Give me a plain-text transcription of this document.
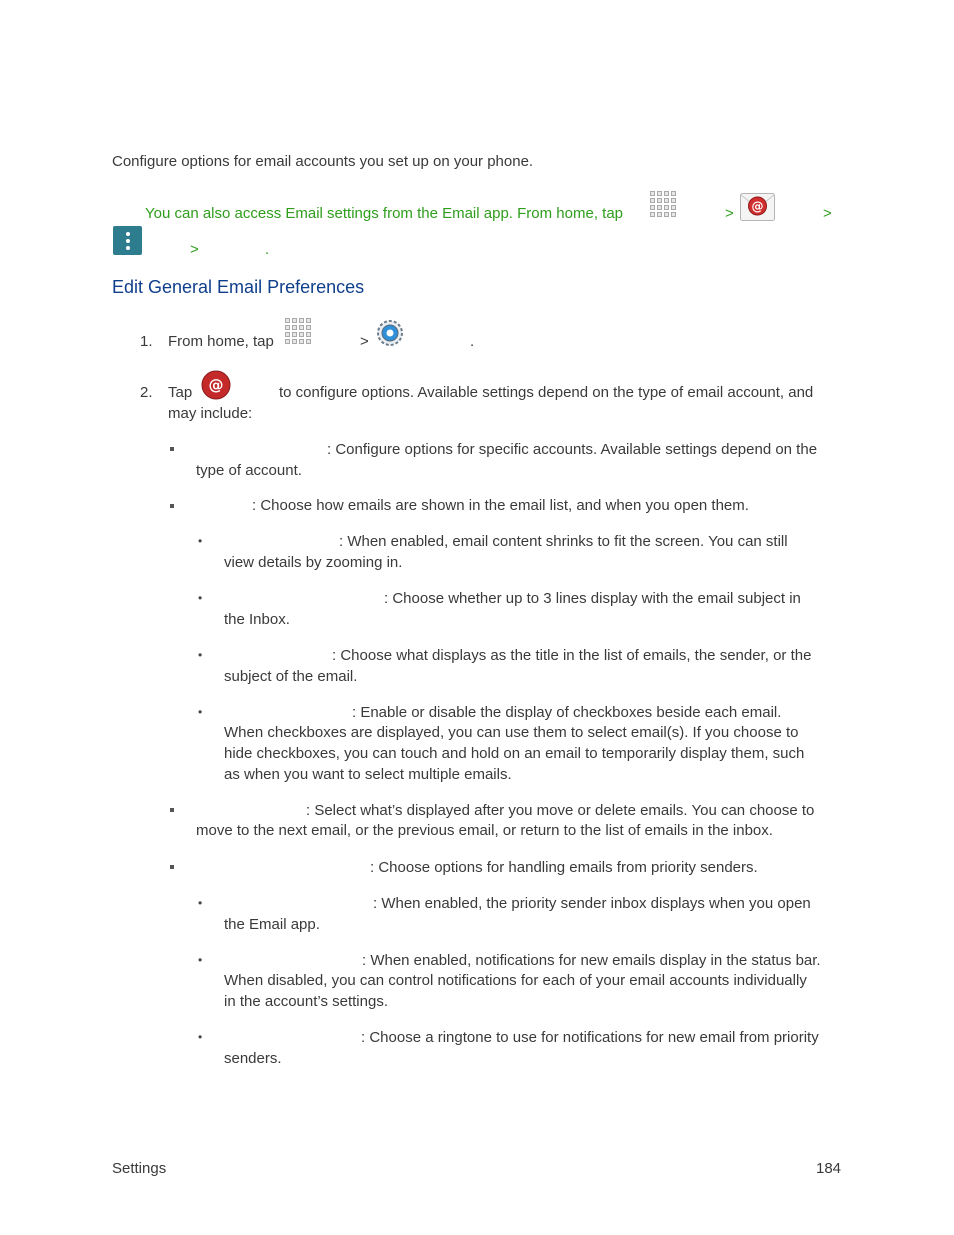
Configure options for email accounts you set up on your phone.
You can also access Email settings from the Email app. From home, tap	> @	>
>	.
Edit General Email Preferences
1. From home, tap	>	.
2. Tap @	to configure options. Available settings depend on the type of email account, and
may include:
: Configure options for specific accounts. Available settings depend on the
type of account.
: Choose how emails are shown in the email list, and when you open them.
•	: When enabled, email content shrinks to fit the screen. You can still
view details by zooming in.
•	: Choose whether up to 3 lines display with the email subject in
the Inbox.
•	: Choose what displays as the title in the list of emails, the sender, or the
subject of the email.
•	: Enable or disable the display of checkboxes beside each email.
When checkboxes are displayed, you can use them to select email(s). If you choose to
hide checkboxes, you can touch and hold on an email to temporarily display them, such
as when you want to select multiple emails.
: Select what’s displayed after you move or delete emails. You can choose to
move to the next email, or the previous email, or return to the list of emails in the inbox.
: Choose options for handling emails from priority senders.
•	: When enabled, the priority sender inbox displays when you open
the Email app.
•	: When enabled, notifications for new emails display in the status bar.
When disabled, you can control notifications for each of your email accounts individually
in the account’s settings.
•	: Choose a ringtone to use for notifications for new email from priority
senders.
Settings	184
